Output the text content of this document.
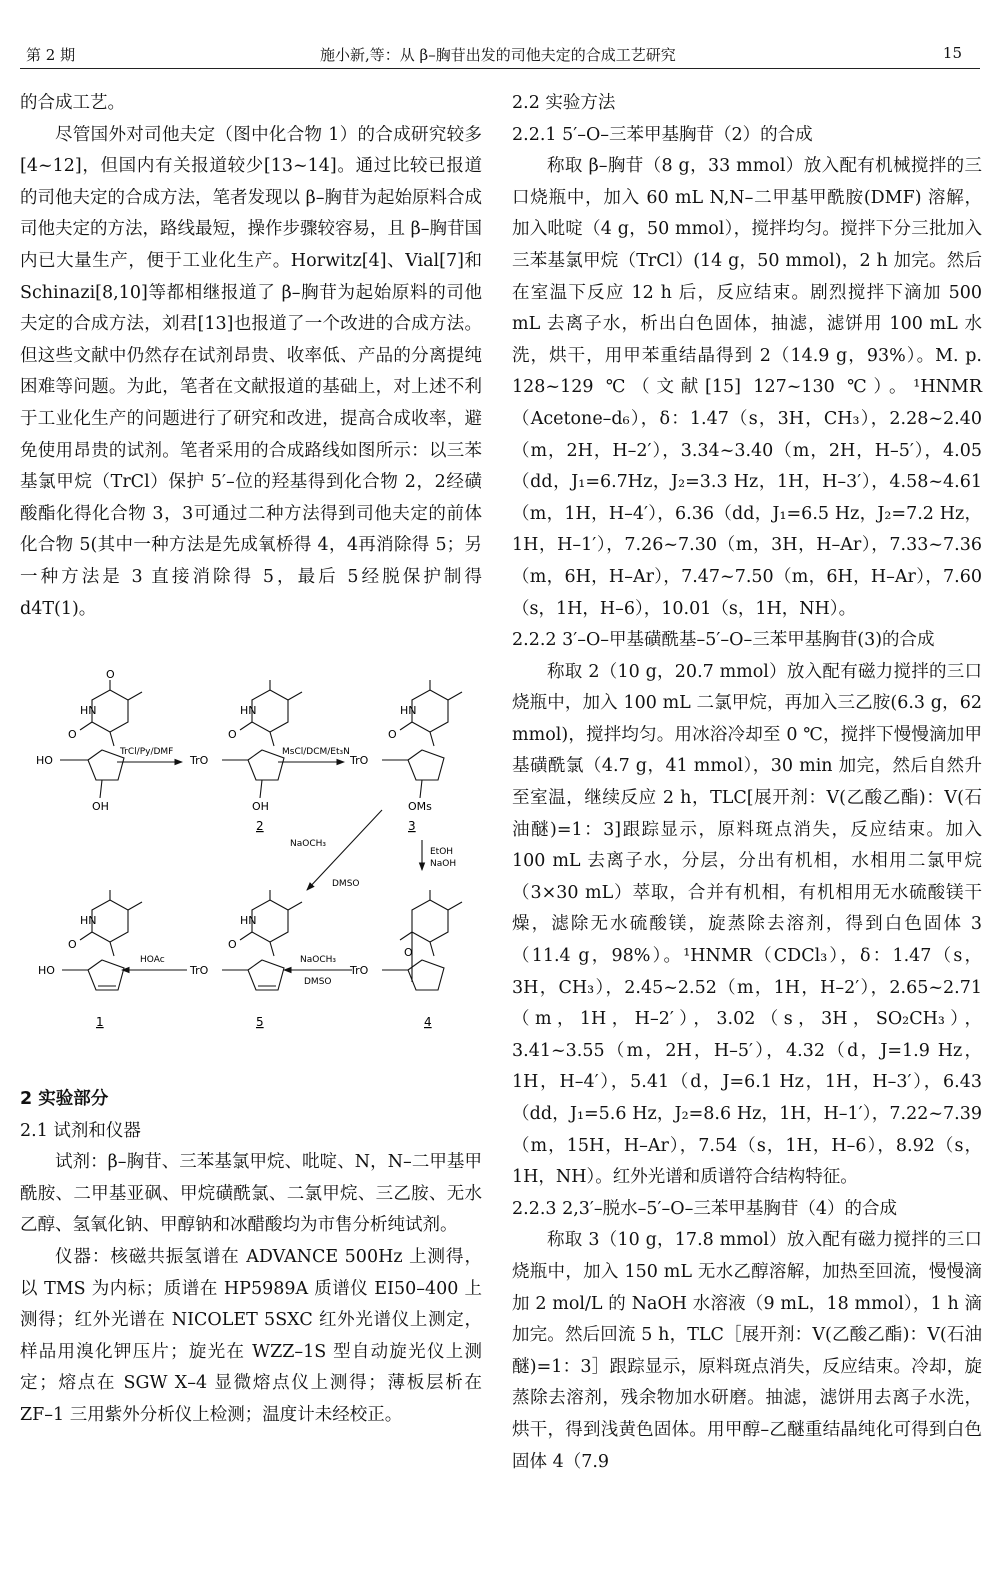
第 2 期	施小新,等：从 β–胸苷出发的司他夫定的合成工艺研究	15

的合成工艺。

尽管国外对司他夫定（图中化合物 1）的合成研究较多[4~12]，但国内有关报道较少[13~14]。通过比较已报道的司他夫定的合成方法，笔者发现以 β–胸苷为起始原料合成司他夫定的方法，路线最短，操作步骤较容易，且 β–胸苷国内已大量生产，便于工业化生产。Horwitz[4]、Vial[7]和 Schinazi[8,10]等都相继报道了 β–胸苷为起始原料的司他夫定的合成方法，刘君[13]也报道了一个改进的合成方法。但这些文献中仍然存在试剂昂贵、收率低、产品的分离提纯困难等问题。为此，笔者在文献报道的基础上，对上述不利于工业化生产的问题进行了研究和改进，提高合成收率，避免使用昂贵的试剂。笔者采用的合成路线如图所示：以三苯基氯甲烷（TrCl）保护 5′–位的羟基得到化合物 2，2经磺酸酯化得化合物 3，3可通过二种方法得到司他夫定的前体化合物 5(其中一种方法是先成氧桥得 4，4再消除得 5；另一种方法是 3 直接消除得 5，最后 5经脱保护制得 d4T(1)。

HN
O
O
HO
OH
HN
O
TrO
OH
2
HN
O
TrO
OMs
3
TrCl/Py/DMF	MsCl/DCM/Et₃N
NaOCH₃
DMSO
EtOH
NaOH
O
TrO
4
HN
O
TrO
5
HN
O
HO
1
NaOCH₃
DMSO
HOAc
2 实验部分
2.1 试剂和仪器

试剂：β–胸苷、三苯基氯甲烷、吡啶、N，N–二甲基甲酰胺、二甲基亚砜、甲烷磺酰氯、二氯甲烷、三乙胺、无水乙醇、氢氧化钠、甲醇钠和冰醋酸均为市售分析纯试剂。

仪器：核磁共振氢谱在 ADVANCE 500Hz 上测得，以 TMS 为内标；质谱在 HP5989A 质谱仪 EI50–400 上测得；红外光谱在 NICOLET 5SXC 红外光谱仪上测定，样品用溴化钾压片；旋光在 WZZ–1S 型自动旋光仪上测定；熔点在 SGW X–4 显微熔点仪上测得；薄板层析在 ZF–1 三用紫外分析仪上检测；温度计未经校正。

2.2 实验方法
2.2.1 5′–O–三苯甲基胸苷（2）的合成

称取 β–胸苷（8 g，33 mmol）放入配有机械搅拌的三口烧瓶中，加入 60 mL N,N–二甲基甲酰胺(DMF) 溶解，加入吡啶（4 g，50 mmol），搅拌均匀。搅拌下分三批加入三苯基氯甲烷（TrCl）(14 g，50 mmol)，2 h 加完。然后在室温下反应 12 h 后，反应结束。剧烈搅拌下滴加 500 mL 去离子水，析出白色固体，抽滤，滤饼用 100 mL 水洗，烘干，用甲苯重结晶得到 2（14.9 g，93%）。M. p. 128~129 ℃（文献[15] 127~130 ℃）。¹HNMR（Acetone–d₆），δ：1.47（s，3H，CH₃），2.28~2.40（m，2H，H–2′），3.34~3.40（m，2H，H–5′），4.05（dd，J₁=6.7Hz，J₂=3.3 Hz，1H，H–3′），4.58~4.61（m，1H，H–4′），6.36（dd，J₁=6.5 Hz，J₂=7.2 Hz，1H，H–1′），7.26~7.30（m，3H，H–Ar），7.33~7.36（m，6H，H–Ar），7.47~7.50（m，6H，H–Ar），7.60（s，1H，H–6），10.01（s，1H，NH）。

2.2.2 3′–O–甲基磺酰基–5′–O–三苯甲基胸苷(3)的合成

称取 2（10 g，20.7 mmol）放入配有磁力搅拌的三口烧瓶中，加入 100 mL 二氯甲烷，再加入三乙胺(6.3 g，62 mmol)，搅拌均匀。用冰浴冷却至 0 ℃，搅拌下慢慢滴加甲基磺酰氯（4.7 g，41 mmol），30 min 加完，然后自然升至室温，继续反应 2 h，TLC[展开剂：V(乙酸乙酯)：V(石油醚)=1：3]跟踪显示，原料斑点消失，反应结束。加入 100 mL 去离子水，分层，分出有机相，水相用二氯甲烷（3×30 mL）萃取，合并有机相，有机相用无水硫酸镁干燥，滤除无水硫酸镁，旋蒸除去溶剂，得到白色固体 3（11.4 g，98%）。¹HNMR（CDCl₃），δ：1.47（s，3H，CH₃），2.45~2.52（m，1H，H–2′），2.65~2.71（m，1H，H–2′），3.02（s，3H，SO₂CH₃），3.41~3.55（m，2H，H–5′），4.32（d，J=1.9 Hz，1H，H–4′），5.41（d，J=6.1 Hz，1H，H–3′），6.43（dd，J₁=5.6 Hz，J₂=8.6 Hz，1H，H–1′），7.22~7.39（m，15H，H–Ar），7.54（s，1H，H–6），8.92（s，1H，NH）。红外光谱和质谱符合结构特征。

2.2.3 2,3′–脱水–5′–O–三苯甲基胸苷（4）的合成

称取 3（10 g，17.8 mmol）放入配有磁力搅拌的三口烧瓶中，加入 150 mL 无水乙醇溶解，加热至回流，慢慢滴加 2 mol/L 的 NaOH 水溶液（9 mL，18 mmol），1 h 滴加完。然后回流 5 h，TLC［展开剂：V(乙酸乙酯)：V(石油醚)=1：3］跟踪显示，原料斑点消失，反应结束。冷却，旋蒸除去溶剂，残余物加水研磨。抽滤，滤饼用去离子水洗，烘干，得到浅黄色固体。用甲醇–乙醚重结晶纯化可得到白色固体 4（7.9
